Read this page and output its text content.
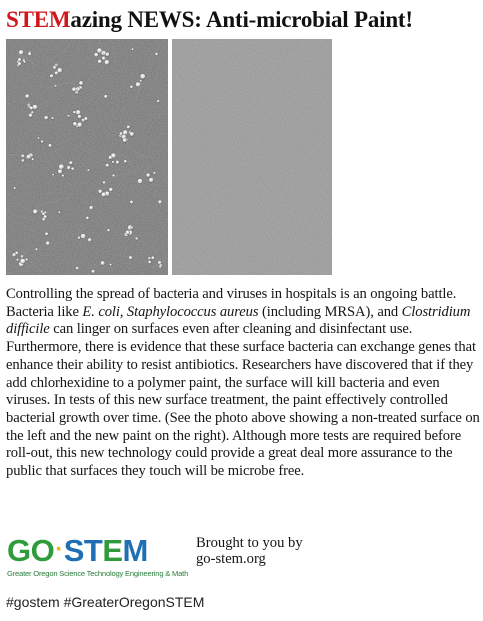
STEMazing NEWS: Anti-microbial Paint!

Controlling the spread of bacteria and viruses in hospitals is an ongoing battle. Bacteria like E. coli, Staphylococcus aureus (including MRSA), and Clostridium difficile can linger on surfaces even after cleaning and disinfectant use. Furthermore, there is evidence that these surface bacteria can exchange genes that enhance their ability to resist antibiotics. Researchers have discovered that if they add chlorhexidine to a polymer paint, the surface will kill bacteria and even viruses. In tests of this new surface treatment, the paint effectively controlled bacterial growth over time. (See the photo above showing a non-treated surface on the left and the new paint on the right). Although more tests are required before roll-out, this new technology could provide a great deal more assurance to the public that surfaces they touch will be microbe free.

GO·STEM
Greater Oregon Science Technology Engineering & Math
Brought to you by
go-stem.org
#gostem #GreaterOregonSTEM
